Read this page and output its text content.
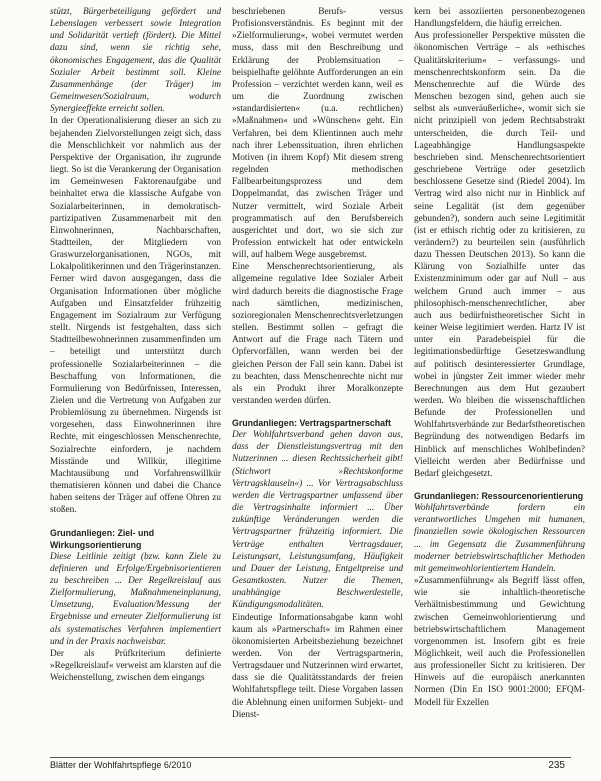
stützt, Bürgerbeteiligung gefördert und Lebenslagen verbessert sowie Integration und Solidarität vertieft (fördert). Die Mittel dazu sind, wenn sie richtig sehe, ökonomisches Engagement, das die Qualität Sozialer Arbeit bestimmt soll. Kleine Zusammenhänge (der Träger) im Gemeinwesen/Sozialraum, wodurch Synergieeffekte erreicht sollen.

In der Operationalisierung dieser an sich zu bejahenden Zielvorstellungen zeigt sich, dass die Menschlichkeit vor nahmlich aus der Perspektive der Organisation, ihr zugrunde liegt. So ist die Verankerung der Organisation im Gemeinwesen Faktorenaufgabe und beinhaltet etwa die klassische Aufgabe von Sozialarbeiterinnen, in demokratisch-partizipativen Zusammenarbeit mit den Einwohnerinnen, Nachbarschaften, Stadtteilen, der Mitgliedern von Graswurzelorganisationen, NGOs, mit Lokalpolitikerinnen und den Trägerinstanzen. Ferner wird davon ausgegangen, dass die Organisation Informationen über mögliche Aufgaben und Einsatzfelder frühzeitig Engagement im Sozialraum zur Verfügung stellt. Nirgends ist festgehalten, dass sich Stadtteilbewohnerinnen zusammenfinden um – beteiligt und unterstützt durch professionelle Sozialarbeiterinnen – die Beschaffung von Informationen, die Formulierung von Bedürfnissen, Interessen, Zielen und die Vertretung von Aufgaben zur Problemlösung zu übernehmen. Nirgends ist vorgesehen, dass Einwohnerinnen ihre Rechte, mit eingeschlossen Menschenrechte, Sozialrechte einfordern, je nachdem Misstände und Willkür, illegitime Machtausübung und Vorfahrenswillkür thematisieren können und dabei die Chance haben seitens der Träger auf offene Ohren zu stoßen.

Grundanliegen: Ziel- und Wirkungsorientierung

Diese Leitlinie zeitigt (bzw. kann Ziele zu definieren und Erfolge/Ergebnisorientieren zu beschreiben ... Der Regelkreislauf aus Zielformulierung, Maßnahmeneinplanung, Umsetzung, Evaluation/Messung der Ergebnisse und erneuter Zielformulierung ist als systematisches Verfahren implementiert und in der Praxis nachweisbar.

Der als Prüfkriterium definierte »Regelkreislauf« verweist am klarsten auf die Weichenstellung, zwischen dem eingangs

beschriebenen Berufs- versus Profisionsverständnis. Es beginnt mit der »Zielformulierung«, wobei vermutet werden muss, dass mit den Beschreibung und Erklärung der Problemsituation – beispielhafte gelöhnte Aufforderungen an ein Profession – verzichtet werden kann, weil es um die Zuordnung zwischen »standardisierten« (u.a. rechtlichen) »Maßnahmen« und »Wünschen« geht. Ein Verfahren, bei dem Klientinnen auch mehr nach ihrer Lebenssituation, ihren ehrlichen Motiven (in ihrem Kopf) Mit diesem streng regelnden methodischen Fallbearbeitungsprozess und dem Doppelmandat, das zwischen Träger und Nutzer vermittelt, wird Soziale Arbeit programmatisch auf den Berufsbereich ausgerichtet und dort, wo sie sich zur Profession entwickelt hat oder entwickeln will, auf halbem Wege ausgebremst.

Eine Menschenrechtsorientierung, als allgemeine regulative Idee Sozialer Arbeit wird dadurch bereits die diagnostische Frage nach sämtlichen, medizinischen, sozioregionalen Menschenrechtsverletzungen stellen. Bestimmt sollen – gefragt die Antwort auf die Frage nach Tätern und Opfervorfällen, wann werden bei der gleichen Person der Fall sein kann. Dabei ist zu beachten, dass Menschenrechte nicht nur als ein Produkt ihrer Moralkonzepte verstanden werden dürfen.

Grundanliegen: Vertragspartnerschaft

Der Wohlfahrtsverband gehen davon aus, dass der Dienstleistungsvertrag mit den Nutzerinnen ... diesen Rechtssicherheit gibt! (Stichwort »Rechtskonforme Vertragsklauseln«) ... Vor Vertragsabschluss werden die Vertragspartner umfassend über die Vertragsinhalte informiert ... Über zukünftige Veränderungen werden die Vertragspartner frühzeitig informiert. Die Verträge enthalten Vertragsdauer, Leistungsart, Leistungsumfang, Häufigkeit und Dauer der Leistung, Entgeltpreise und Gesamtkosten. Nutzer die Themen, unabhängige Beschwerdestelle, Kündigungsmodalitäten.

Eindeutige Informationsabgabe kann wohl kaum als »Partnerschaft« im Rahmen einer ökonomisierten Arbeitsbeziehung bezeichnet werden. Von der Vertragspartnerin, Vertragsdauer und Nutzerinnen wird erwartet, dass sie die Qualitätsstandards der freien Wohlfahrtspflege teilt. Diese Vorgaben lassen die Ablehnung einen uniformen Subjekt- und Dienst-

kern bei assoziierten personenbezogenen Handlungsfeldern, die häufig erreichen.

Aus professioneller Perspektive müssten die ökonomischen Verträge – als »ethisches Qualitätskriterium« – verfassungs- und menschenrechtskonform sein. Da die Menschenrechte auf die Würde des Menschen bezogen sind, gehen auch sie selbst als »unveräußerliche«, womit sich sie nicht prinzipiell von jedem Rechtsabstrakt unterscheiden, die durch Teil- und Lageabhängige Handlungsaspekte beschrieben sind. Menschenrechtsorientiert geschriebene Verträge oder gesetzlich beschlossene Gesetze sind (Riedel 2004). Im Vertrag wird also nicht nur in Hinblick auf seine Legalität (ist dem gegenüber gebunden?), sondern auch seine Legitimität (ist er ethisch richtig oder zu kritisieren, zu verändern?) zu beurteilen sein (ausführlich dazu Thessen Deutschen 2013). So kann die Klärung von Sozialhilfe unter das Existenzminimum oder gar auf Null – aus welchem Grund auch immer – aus philosophisch-menschenrechtlicher, aber auch aus bedürfnistheoretischer Sicht in keiner Weise legitimiert werden. Hartz IV ist unter ein Paradebeispiel für die legitimationsbedürftige Gesetzeswandlung auf politisch desinteressierter Grundlage, wobei in jüngster Zeit immer wieder mehr Berechnungen aus dem Hut gezaubert werden. Wo bleiben die wissenschaftlichen Befunde der Professionellen und Wohlfahrtsverbände zur Bedarfstheoretischen Begründung des notwendigen Bedarfs im Hinblick auf menschliches Wohlbefinden? Vielleicht werden aber Bedürfnisse und Bedarf gleichgesetzt.

Grundanliegen: Ressourcenorientierung

Wohlfahrtsverbände fordern ein verantwortliches Umgehen mit humanen, finanziellen sowie ökologischen Ressourcen ... im Gegensatz die Zusammenführung moderner betriebswirtschaftlicher Methoden mit gemeinwohlorientiertem Handeln.

»Zusammenführung« als Begriff lässt offen, wie sie inhaltlich-theoretische Verhältnisbestimmung und Gewichtung zwischen Gemeinwohlorientierung und betriebswirtschaftlichem Management vorgenommen ist. Insofern gibt es freie Möglichkeit, weil auch die Professionellen aus professioneller Sicht zu kritisieren. Der Hinweis auf die europäisch anerkannten Normen (Din En ISO 9001:2000; EFQM-Modell für Exzellen

Blätter der Wohlfahrtspflege 6/2010	235
